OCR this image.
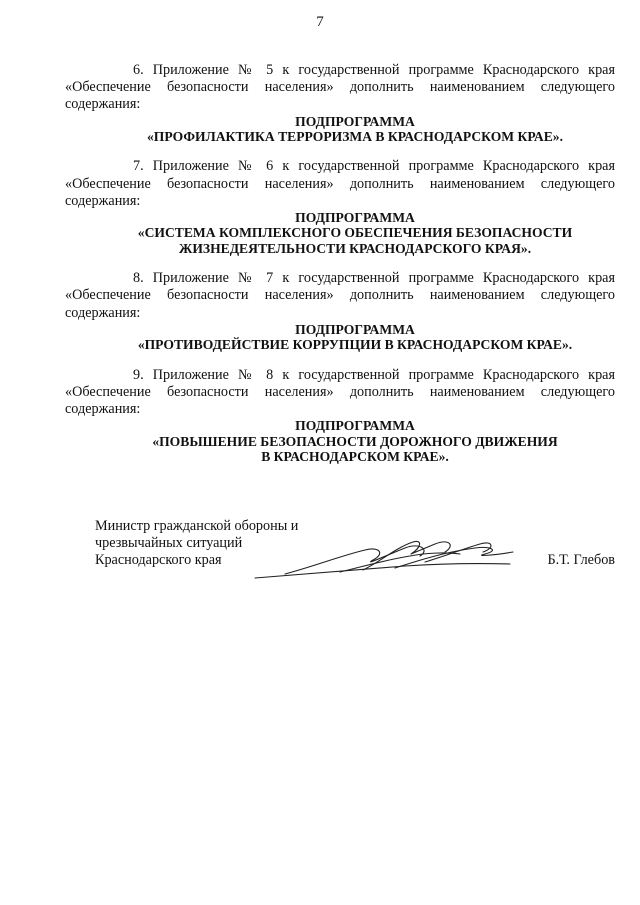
7

6. Приложение № 5 к государственной программе Краснодарского края
«Обеспечение безопасности населения» дополнить наименованием следующего
содержания:

ПОДПРОГРАММА
«ПРОФИЛАКТИКА ТЕРРОРИЗМА В КРАСНОДАРСКОМ КРАЕ».

7. Приложение № 6 к государственной программе Краснодарского края
«Обеспечение безопасности населения» дополнить наименованием следующего
содержания:

ПОДПРОГРАММА
«СИСТЕМА КОМПЛЕКСНОГО ОБЕСПЕЧЕНИЯ БЕЗОПАСНОСТИ
ЖИЗНЕДЕЯТЕЛЬНОСТИ КРАСНОДАРСКОГО КРАЯ».

8. Приложение № 7 к государственной программе Краснодарского края
«Обеспечение безопасности населения» дополнить наименованием следующего
содержания:

ПОДПРОГРАММА
«ПРОТИВОДЕЙСТВИЕ КОРРУПЦИИ В КРАСНОДАРСКОМ КРАЕ».

9. Приложение № 8 к государственной программе Краснодарского края
«Обеспечение безопасности населения» дополнить наименованием следующего
содержания:

ПОДПРОГРАММА
«ПОВЫШЕНИЕ БЕЗОПАСНОСТИ ДОРОЖНОГО ДВИЖЕНИЯ
В КРАСНОДАРСКОМ КРАЕ».

Министр гражданской обороны и
чрезвычайных ситуаций
Краснодарского края	Б.Т. Глебов
